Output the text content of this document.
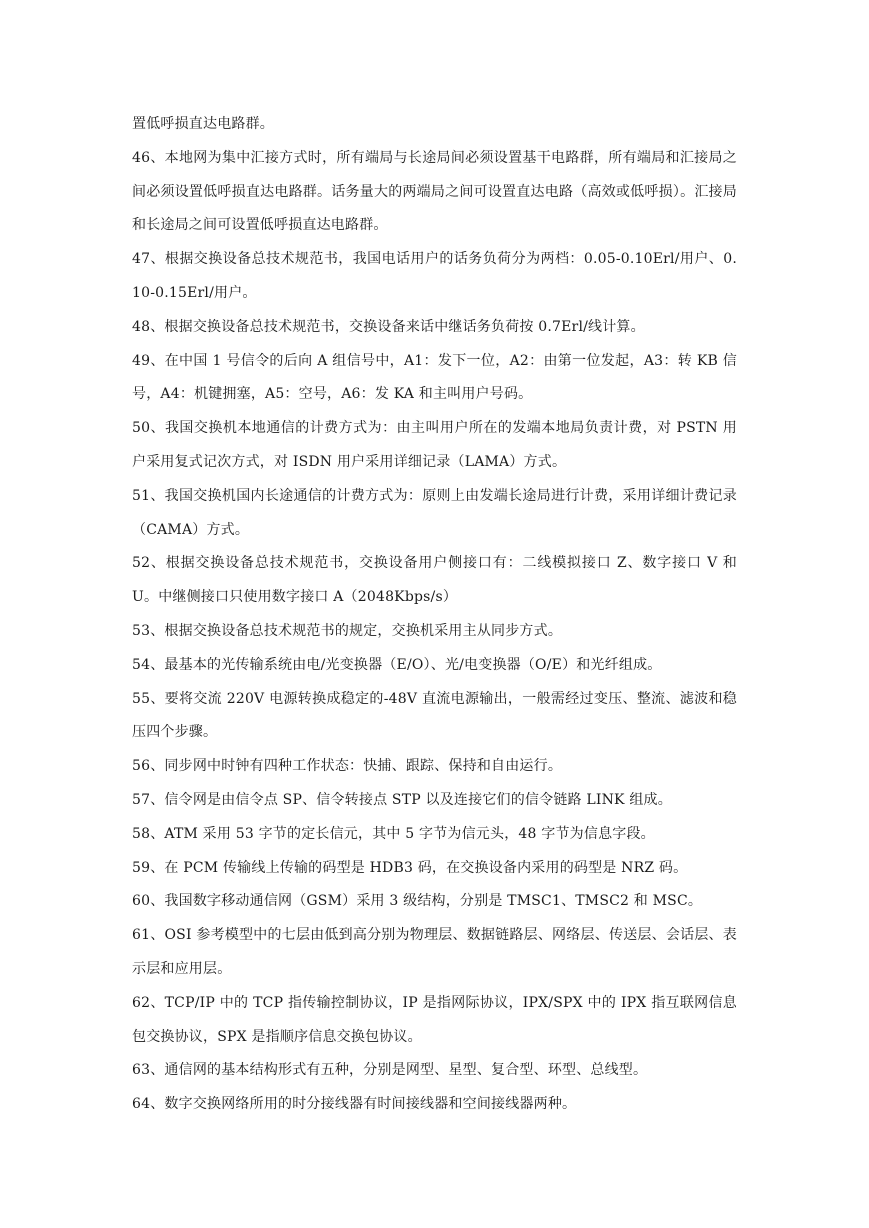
置低呼损直达电路群。

46、本地网为集中汇接方式时，所有端局与长途局间必须设置基干电路群，所有端局和汇接局之间必须设置低呼损直达电路群。话务量大的两端局之间可设置直达电路（高效或低呼损）。汇接局和长途局之间可设置低呼损直达电路群。

47、根据交换设备总技术规范书，我国电话用户的话务负荷分为两档：0.05-0.10Erl/用户、0.10-0.15Erl/用户。

48、根据交换设备总技术规范书，交换设备来话中继话务负荷按 0.7Erl/线计算。

49、在中国 1 号信令的后向 A 组信号中，A1：发下一位，A2：由第一位发起，A3：转 KB 信号，A4：机键拥塞，A5：空号，A6：发 KA 和主叫用户号码。

50、我国交换机本地通信的计费方式为：由主叫用户所在的发端本地局负责计费，对 PSTN 用户采用复式记次方式，对 ISDN 用户采用详细记录（LAMA）方式。

51、我国交换机国内长途通信的计费方式为：原则上由发端长途局进行计费，采用详细计费记录（CAMA）方式。

52、根据交换设备总技术规范书，交换设备用户侧接口有：二线模拟接口 Z、数字接口 V 和 U。中继侧接口只使用数字接口 A（2048Kbps/s）

53、根据交换设备总技术规范书的规定，交换机采用主从同步方式。

54、最基本的光传输系统由电/光变换器（E/O）、光/电变换器（O/E）和光纤组成。

55、要将交流 220V 电源转换成稳定的-48V 直流电源输出，一般需经过变压、整流、滤波和稳压四个步骤。

56、同步网中时钟有四种工作状态：快捕、跟踪、保持和自由运行。

57、信令网是由信令点 SP、信令转接点 STP 以及连接它们的信令链路 LINK 组成。

58、ATM 采用 53 字节的定长信元，其中 5 字节为信元头，48 字节为信息字段。

59、在 PCM 传输线上传输的码型是 HDB3 码，在交换设备内采用的码型是 NRZ 码。

60、我国数字移动通信网（GSM）采用 3 级结构，分别是 TMSC1、TMSC2 和 MSC。

61、OSI 参考模型中的七层由低到高分别为物理层、数据链路层、网络层、传送层、会话层、表示层和应用层。

62、TCP/IP 中的 TCP 指传输控制协议，IP 是指网际协议，IPX/SPX 中的 IPX 指互联网信息包交换协议，SPX 是指顺序信息交换包协议。

63、通信网的基本结构形式有五种，分别是网型、星型、复合型、环型、总线型。

64、数字交换网络所用的时分接线器有时间接线器和空间接线器两种。
